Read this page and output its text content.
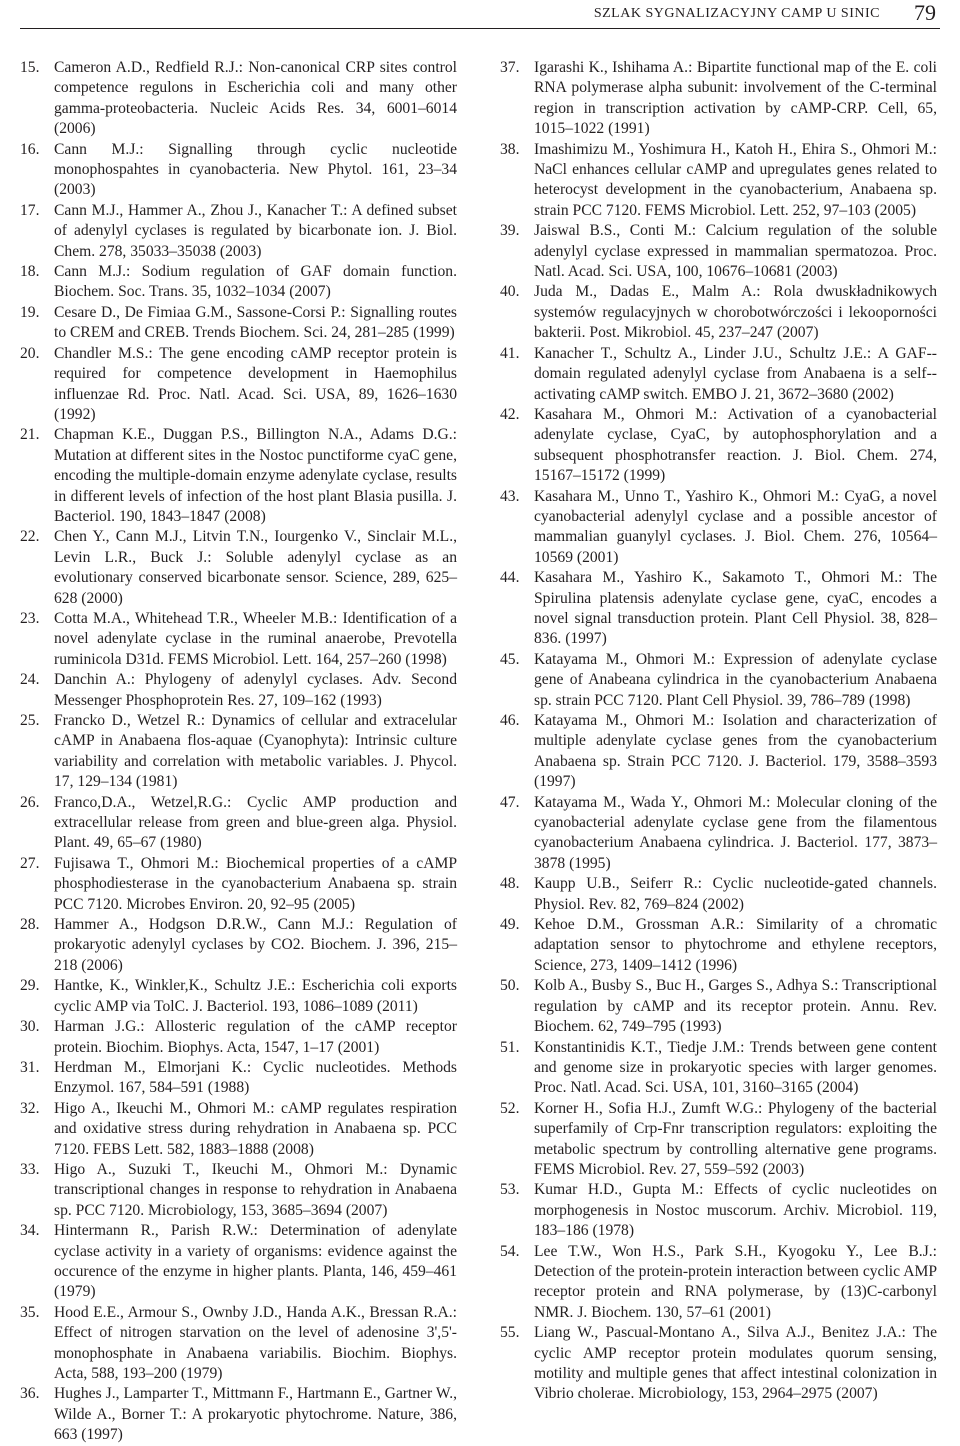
SZLAK SYGNALIZACYJNY CAMP U SINIC 79
15. Cameron A.D., Redfield R.J.: Non-canonical CRP sites control competence regulons in Escherichia coli and many other gamma-proteobacteria. Nucleic Acids Res. 34, 6001–6014 (2006)
16. Cann M.J.: Signalling through cyclic nucleotide monophospahtes in cyanobacteria. New Phytol. 161, 23–34 (2003)
17. Cann M.J., Hammer A., Zhou J., Kanacher T.: A defined subset of adenylyl cyclases is regulated by bicarbonate ion. J. Biol. Chem. 278, 35033–35038 (2003)
18. Cann M.J.: Sodium regulation of GAF domain function. Biochem. Soc. Trans. 35, 1032–1034 (2007)
19. Cesare D., De Fimiaa G.M., Sassone-Corsi P.: Signalling routes to CREM and CREB. Trends Biochem. Sci. 24, 281–285 (1999)
20. Chandler M.S.: The gene encoding cAMP receptor protein is required for competence development in Haemophilus influenzae Rd. Proc. Natl. Acad. Sci. USA, 89, 1626–1630 (1992)
21. Chapman K.E., Duggan P.S., Billington N.A., Adams D.G.: Mutation at different sites in the Nostoc punctiforme cyaC gene, encoding the multiple-domain enzyme adenylate cyclase, results in different levels of infection of the host plant Blasia pusilla. J. Bacteriol. 190, 1843–1847 (2008)
22. Chen Y., Cann M.J., Litvin T.N., Iourgenko V., Sinclair M.L., Levin L.R., Buck J.: Soluble adenylyl cyclase as an evolutionary conserved bicarbonate sensor. Science, 289, 625–628 (2000)
23. Cotta M.A., Whitehead T.R., Wheeler M.B.: Identification of a novel adenylate cyclase in the ruminal anaerobe, Prevotella ruminicola D31d. FEMS Microbiol. Lett. 164, 257–260 (1998)
24. Danchin A.: Phylogeny of adenylyl cyclases. Adv. Second Messenger Phosphoprotein Res. 27, 109–162 (1993)
25. Francko D., Wetzel R.: Dynamics of cellular and extracelular cAMP in Anabaena flos-aquae (Cyanophyta): Intrinsic culture variability and correlation with metabolic variables. J. Phycol. 17, 129–134 (1981)
26. Franco,D.A., Wetzel,R.G.: Cyclic AMP production and extracellular release from green and blue-green alga. Physiol. Plant. 49, 65–67 (1980)
27. Fujisawa T., Ohmori M.: Biochemical properties of a cAMP phosphodiesterase in the cyanobacterium Anabaena sp. strain PCC 7120. Microbes Environ. 20, 92–95 (2005)
28. Hammer A., Hodgson D.R.W., Cann M.J.: Regulation of prokaryotic adenylyl cyclases by CO2. Biochem. J. 396, 215–218 (2006)
29. Hantke, K., Winkler,K., Schultz J.E.: Escherichia coli exports cyclic AMP via TolC. J. Bacteriol. 193, 1086–1089 (2011)
30. Harman J.G.: Allosteric regulation of the cAMP receptor protein. Biochim. Biophys. Acta, 1547, 1–17 (2001)
31. Herdman M., Elmorjani K.: Cyclic nucleotides. Methods Enzymol. 167, 584–591 (1988)
32. Higo A., Ikeuchi M., Ohmori M.: cAMP regulates respiration and oxidative stress during rehydration in Anabaena sp. PCC 7120. FEBS Lett. 582, 1883–1888 (2008)
33. Higo A., Suzuki T., Ikeuchi M., Ohmori M.: Dynamic transcriptional changes in response to rehydration in Anabaena sp. PCC 7120. Microbiology, 153, 3685–3694 (2007)
34. Hintermann R., Parish R.W.: Determination of adenylate cyclase activity in a variety of organisms: evidence against the occurence of the enzyme in higher plants. Planta, 146, 459–461 (1979)
35. Hood E.E., Armour S., Ownby J.D., Handa A.K., Bressan R.A.: Effect of nitrogen starvation on the level of adenosine 3',5'-monophosphate in Anabaena variabilis. Biochim. Biophys. Acta, 588, 193–200 (1979)
36. Hughes J., Lamparter T., Mittmann F., Hartmann E., Gartner W., Wilde A., Borner T.: A prokaryotic phytochrome. Nature, 386, 663 (1997)
37. Igarashi K., Ishihama A.: Bipartite functional map of the E. coli RNA polymerase alpha subunit: involvement of the C-terminal region in transcription activation by cAMP-CRP. Cell, 65, 1015–1022 (1991)
38. Imashimizu M., Yoshimura H., Katoh H., Ehira S., Ohmori M.: NaCl enhances cellular cAMP and upregulates genes related to heterocyst development in the cyanobacterium, Anabaena sp. strain PCC 7120. FEMS Microbiol. Lett. 252, 97–103 (2005)
39. Jaiswal B.S., Conti M.: Calcium regulation of the soluble adenylyl cyclase expressed in mammalian spermatozoa. Proc. Natl. Acad. Sci. USA, 100, 10676–10681 (2003)
40. Juda M., Dadas E., Malm A.: Rola dwuskładnikowych systemów regulacyjnych w chorobotwórczości i lekooporności bakterii. Post. Mikrobiol. 45, 237–247 (2007)
41. Kanacher T., Schultz A., Linder J.U., Schultz J.E.: A GAF--domain regulated adenylyl cyclase from Anabaena is a self--activating cAMP switch. EMBO J. 21, 3672–3680 (2002)
42. Kasahara M., Ohmori M.: Activation of a cyanobacterial adenylate cyclase, CyaC, by autophosphorylation and a subsequent phosphotransfer reaction. J. Biol. Chem. 274, 15167–15172 (1999)
43. Kasahara M., Unno T., Yashiro K., Ohmori M.: CyaG, a novel cyanobacterial adenylyl cyclase and a possible ancestor of mammalian guanylyl cyclases. J. Biol. Chem. 276, 10564–10569 (2001)
44. Kasahara M., Yashiro K., Sakamoto T., Ohmori M.: The Spirulina platensis adenylate cyclase gene, cyaC, encodes a novel signal transduction protein. Plant Cell Physiol. 38, 828–836. (1997)
45. Katayama M., Ohmori M.: Expression of adenylate cyclase gene of Anabeana cylindrica in the cyanobacterium Anabaena sp. strain PCC 7120. Plant Cell Physiol. 39, 786–789 (1998)
46. Katayama M., Ohmori M.: Isolation and characterization of multiple adenylate cyclase genes from the cyanobacterium Anabaena sp. Strain PCC 7120. J. Bacteriol. 179, 3588–3593 (1997)
47. Katayama M., Wada Y., Ohmori M.: Molecular cloning of the cyanobacterial adenylate cyclase gene from the filamentous cyanobacterium Anabaena cylindrica. J. Bacteriol. 177, 3873–3878 (1995)
48. Kaupp U.B., Seiferr R.: Cyclic nucleotide-gated channels. Physiol. Rev. 82, 769–824 (2002)
49. Kehoe D.M., Grossman A.R.: Similarity of a chromatic adaptation sensor to phytochrome and ethylene receptors, Science, 273, 1409–1412 (1996)
50. Kolb A., Busby S., Buc H., Garges S., Adhya S.: Transcriptional regulation by cAMP and its receptor protein. Annu. Rev. Biochem. 62, 749–795 (1993)
51. Konstantinidis K.T., Tiedje J.M.: Trends between gene content and genome size in prokaryotic species with larger genomes. Proc. Natl. Acad. Sci. USA, 101, 3160–3165 (2004)
52. Korner H., Sofia H.J., Zumft W.G.: Phylogeny of the bacterial superfamily of Crp-Fnr transcription regulators: exploiting the metabolic spectrum by controlling alternative gene programs. FEMS Microbiol. Rev. 27, 559–592 (2003)
53. Kumar H.D., Gupta M.: Effects of cyclic nucleotides on morphogenesis in Nostoc muscorum. Archiv. Microbiol. 119, 183–186 (1978)
54. Lee T.W., Won H.S., Park S.H., Kyogoku Y., Lee B.J.: Detection of the protein-protein interaction between cyclic AMP receptor protein and RNA polymerase, by (13)C-carbonyl NMR. J. Biochem. 130, 57–61 (2001)
55. Liang W., Pascual-Montano A., Silva A.J., Benitez J.A.: The cyclic AMP receptor protein modulates quorum sensing, motility and multiple genes that affect intestinal colonization in Vibrio cholerae. Microbiology, 153, 2964–2975 (2007)
